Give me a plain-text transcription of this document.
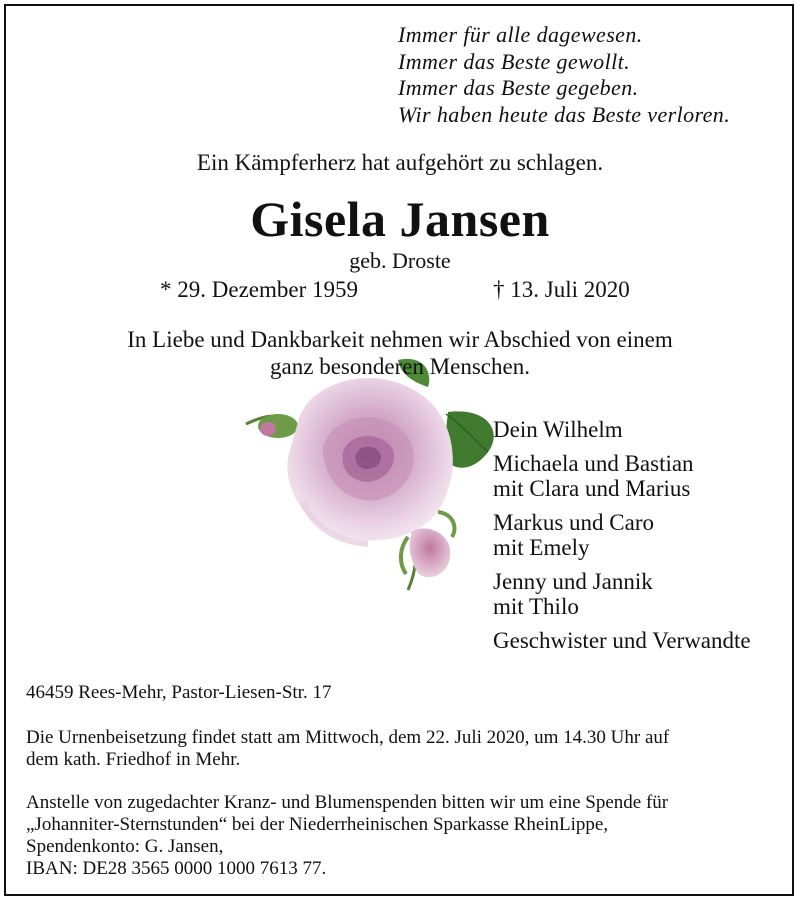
Immer für alle dagewesen.
Immer das Beste gewollt.
Immer das Beste gegeben.
Wir haben heute das Beste verloren.
Ein Kämpferherz hat aufgehört zu schlagen.
Gisela Jansen
geb. Droste
* 29. Dezember 1959	† 13. Juli 2020
In Liebe und Dankbarkeit nehmen wir Abschied von einem
ganz besonderen Menschen.
Dein Wilhelm
Michaela und Bastian
mit Clara und Marius
Markus und Caro
mit Emely
Jenny und Jannik
mit Thilo
Geschwister und Verwandte
46459 Rees-Mehr, Pastor-Liesen-Str. 17
Die Urnenbeisetzung findet statt am Mittwoch, dem 22. Juli 2020, um 14.30 Uhr auf
dem kath. Friedhof in Mehr.
Anstelle von zugedachter Kranz- und Blumenspenden bitten wir um eine Spende für
„Johanniter-Sternstunden“ bei der Niederrheinischen Sparkasse RheinLippe,
Spendenkonto: G. Jansen,
IBAN: DE28 3565 0000 1000 7613 77.
